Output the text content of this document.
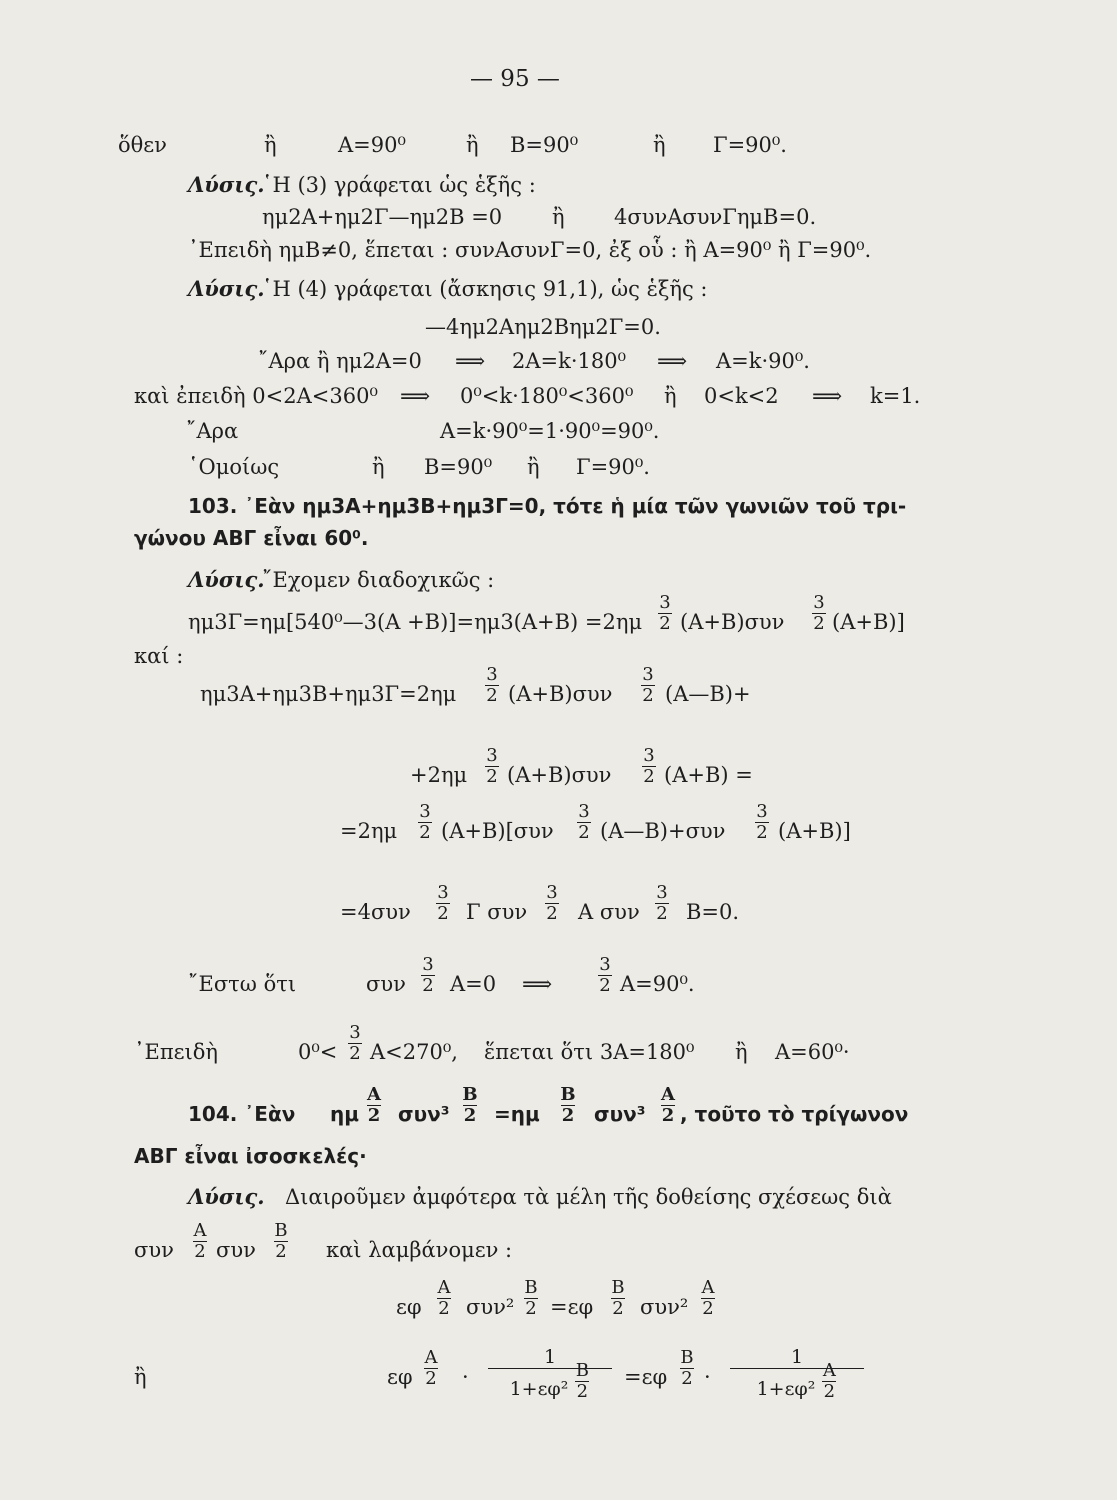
— 95 —
ὅθεν	ἢ	A=90⁰	ἢ B=90⁰	ἢ Γ=90⁰.
Λύσις.
῾Η (3) γράφεται ὡς ἑξῆς :
ημ2Α+ημ2Γ—ημ2Β =0 ἢ 4συνΑσυνΓημΒ=0.
᾿Επειδὴ ημΒ≠0, ἕπεται : συνΑσυνΓ=0, ἐξ οὗ : ἢ Α=90⁰ ἢ Γ=90⁰.
Λύσις.
῾Η (4) γράφεται (ἄσκησις 91,1), ὡς ἑξῆς :
—4ημ2Αημ2Βημ2Γ=0.
῎Αρα ἢ ημ2Α=0 ⟹ 2Α=k·180⁰ ⟹ Α=k·90⁰.
καὶ ἐπειδὴ 0<2Α<360⁰ ⟹ 0⁰<k·180⁰<360⁰ ἢ 0<k<2 ⟹ k=1.
῎Αρα	Α=k·90⁰=1·90⁰=90⁰.
῾Ομοίως	ἢ Β=90⁰ ἢ Γ=90⁰.
103. ᾿Εὰν ημ3Α+ημ3Β+ημ3Γ=0, τότε ἡ μία τῶν γωνιῶν τοῦ τρι-
γώνου ΑΒΓ εἶναι 60⁰.
Λύσις.
῎Εχομεν διαδοχικῶς :
ημ3Γ=ημ[540⁰—3(Α +Β)]=ημ3(Α+Β) =2ημ
3
2 (Α+Β)συν
3
2 (Α+Β)]
καί :
ημ3Α+ημ3Β+ημ3Γ=2ημ
3
2 (Α+Β)συν
3
2 (Α—Β)+
+2ημ
3
2 (Α+Β)συν
3
2 (Α+Β) =
=2ημ
3
2 (Α+Β)[συν
3
2 (Α—Β)+συν
3
2 (Α+Β)]
=4συν
3
2 Γ συν
3
2 Α συν
3
2 Β=0.
῎Εστω ὅτι	συν
3
2 Α=0 ⟹
3
2 Α=90⁰.
᾿Επειδὴ	0⁰<
3
2 Α<270⁰, ἕπεται ὅτι 3Α=180⁰ ἢ Α=60⁰·
104. ᾿Εὰν ημ
Α
2 συν³
Β
2 =ημ
Β
2 συν³
Α
2 , τοῦτο τὸ τρίγωνον
ΑΒΓ εἶναι ἰσοσκελές·
Λύσις. Διαιροῦμεν ἀμφότερα τὰ μέλη τῆς δοθείσης σχέσεως διὰ
συν
Α
2 συν
Β
2 καὶ λαμβάνομεν :
εφ
Α
2 συν²
Β
2 =εφ
Β
2 συν²
Α
2
ἢ	εφ
Α
2 ·
1
$1+\varepsilon\varphi^2 \frac{B}{2} =\varepsilon\varphi$
Β
2 ·
1
$1+\varepsilon\varphi^2 \frac{A}{2}$
